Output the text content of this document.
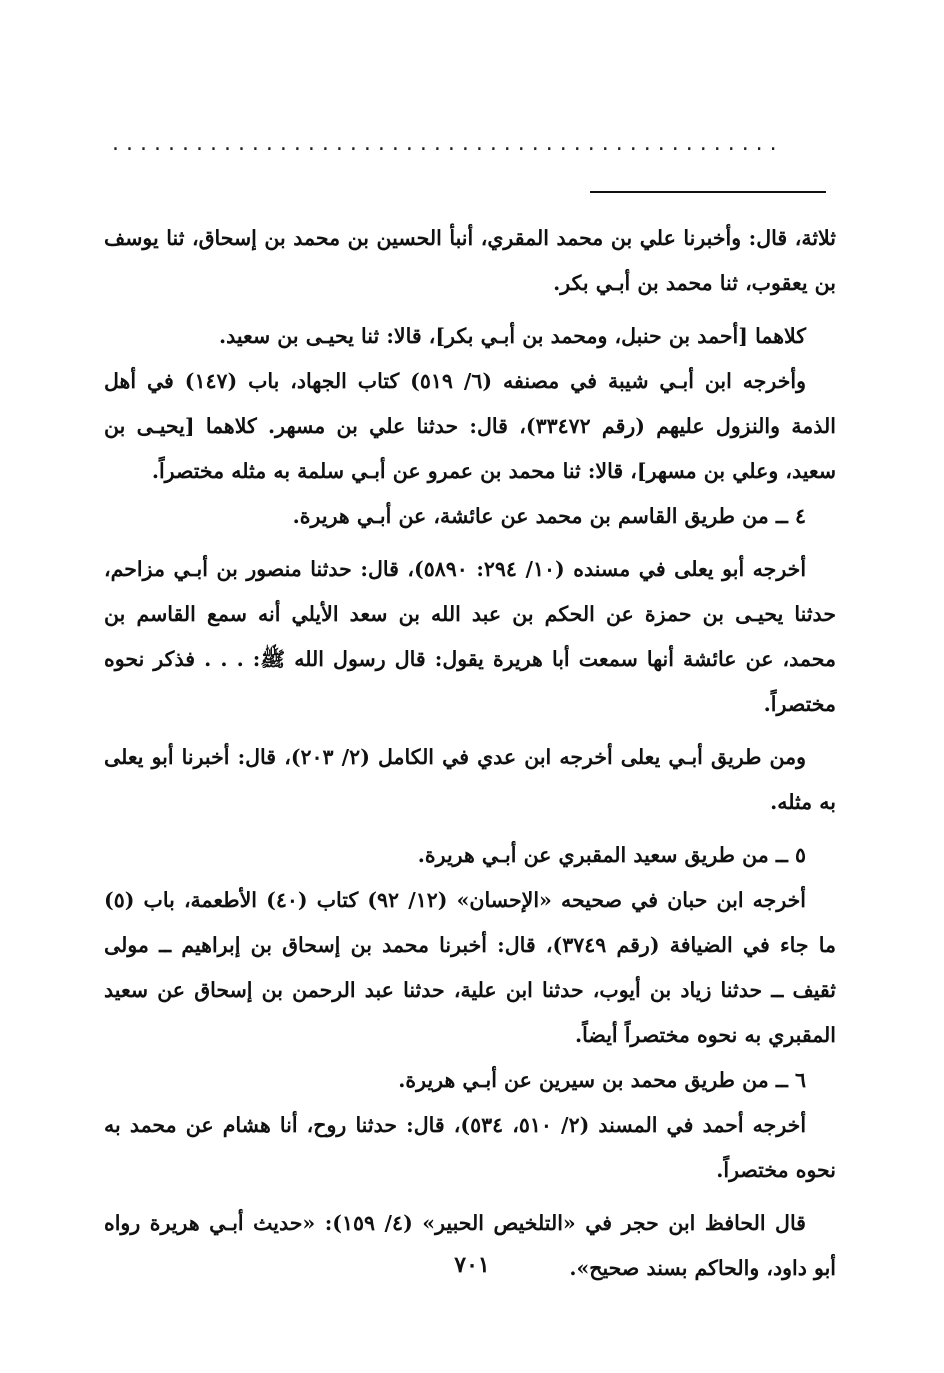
................................................

ثلاثة، قال: وأخبرنا علي بن محمد المقري، أنبأ الحسين بن محمد بن إسحاق، ثنا يوسف بن يعقوب، ثنا محمد بن أبـي بكر.

كلاهما [أحمد بن حنبل، ومحمد بن أبـي بكر]، قالا: ثنا يحيـى بن سعيد.

وأخرجه ابن أبـي شيبة في مصنفه (٦/ ٥١٩) كتاب الجهاد، باب (١٤٧) في أهل الذمة والنزول عليهم (رقم ٣٣٤٧٢)، قال: حدثنا علي بن مسهر. كلاهما [يحيـى بن سعيد، وعلي بن مسهر]، قالا: ثنا محمد بن عمرو عن أبـي سلمة به مثله مختصراً.

٤ ــ من طريق القاسم بن محمد عن عائشة، عن أبـي هريرة.

أخرجه أبو يعلى في مسنده (١٠/ ٢٩٤: ٥٨٩٠)، قال: حدثنا منصور بن أبـي مزاحم، حدثنا يحيـى بن حمزة عن الحكم بن عبد الله بن سعد الأيلي أنه سمع القاسم بن محمد، عن عائشة أنها سمعت أبا هريرة يقول: قال رسول الله ﷺ: . . . فذكر نحوه مختصراً.

ومن طريق أبـي يعلى أخرجه ابن عدي في الكامل (٢/ ٢٠٣)، قال: أخبرنا أبو يعلى به مثله.

٥ ــ من طريق سعيد المقبري عن أبـي هريرة.

أخرجه ابن حبان في صحيحه «الإحسان» (١٢/ ٩٢) كتاب (٤٠) الأطعمة، باب (٥) ما جاء في الضيافة (رقم ٣٧٤٩)، قال: أخبرنا محمد بن إسحاق بن إبراهيم ــ مولى ثقيف ــ حدثنا زياد بن أيوب، حدثنا ابن علية، حدثنا عبد الرحمن بن إسحاق عن سعيد المقبري به نحوه مختصراً أيضاً.

٦ ــ من طريق محمد بن سيرين عن أبـي هريرة.

أخرجه أحمد في المسند (٢/ ٥١٠، ٥٣٤)، قال: حدثنا روح، أنا هشام عن محمد به نحوه مختصراً.

قال الحافظ ابن حجر في «التلخيص الحبير» (٤/ ١٥٩): «حديث أبـي هريرة رواه أبو داود، والحاكم بسند صحيح».

٧٠١
